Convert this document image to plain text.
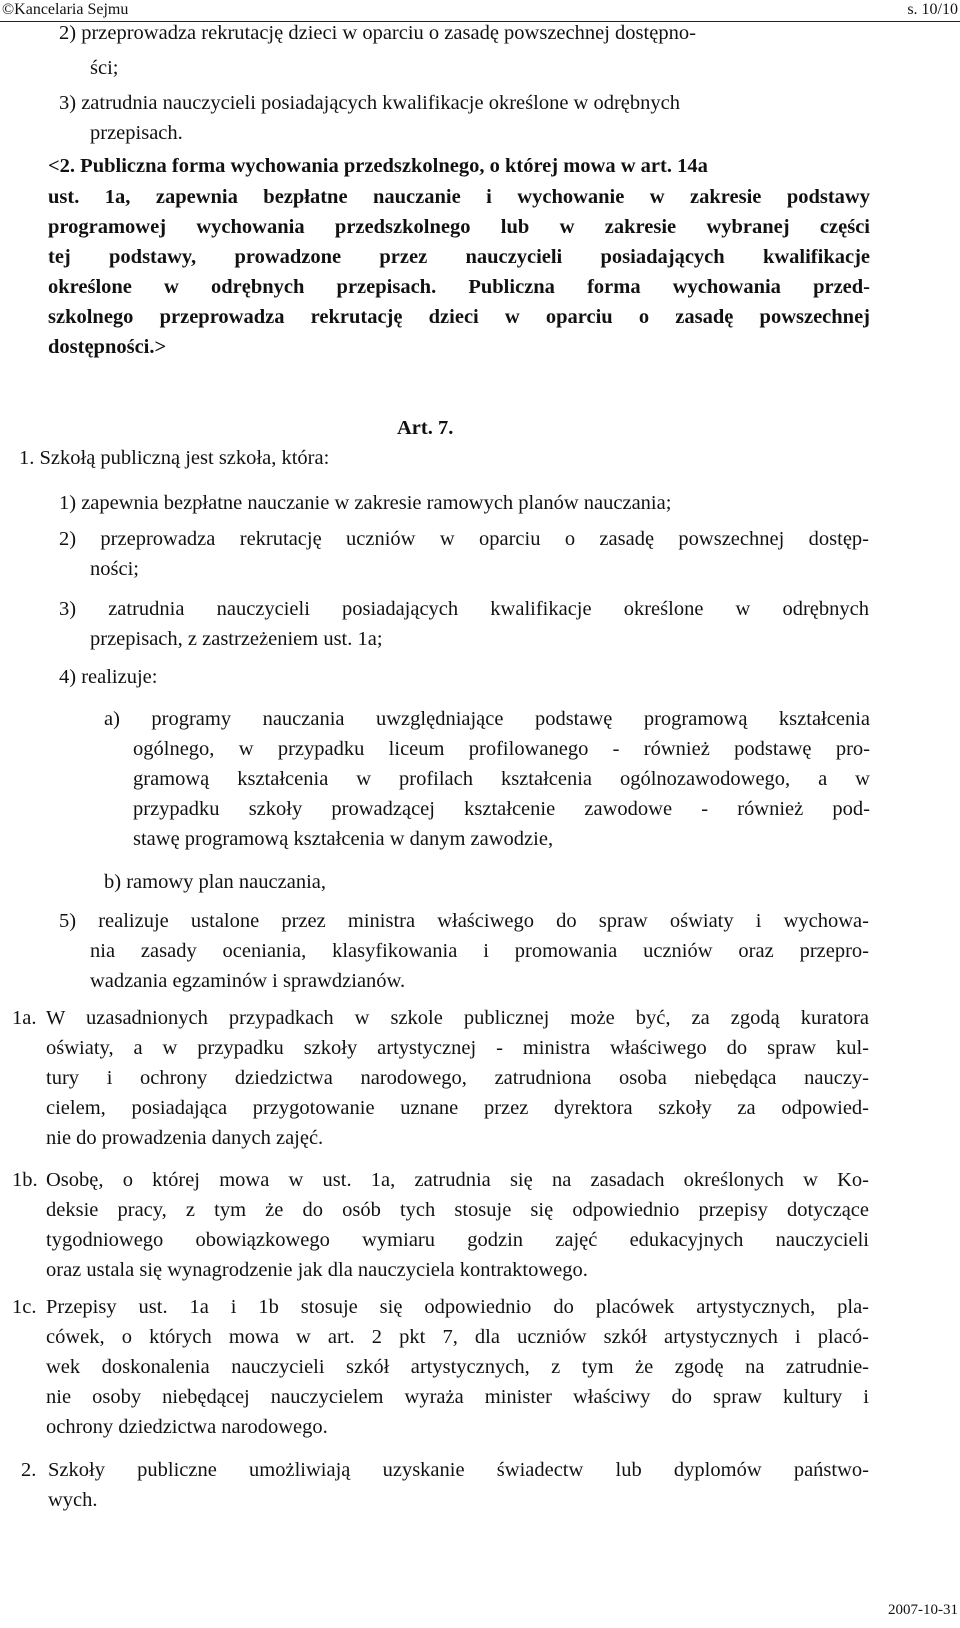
©Kancelaria Sejmu	s. 10/10
2) przeprowadza rekrutację dzieci w oparciu o zasadę powszechnej dostępno-
ści;
3) zatrudnia nauczycieli posiadających kwalifikacje określone w odrębnych
przepisach.
<2. Publiczna forma wychowania przedszkolnego, o której mowa w art. 14a
ust. 1a, zapewnia bezpłatne nauczanie i wychowanie w zakresie podstawy
programowej wychowania przedszkolnego lub w zakresie wybranej części
tej podstawy, prowadzone przez nauczycieli posiadających kwalifikacje
określone w odrębnych przepisach. Publiczna forma wychowania przed-
szkolnego przeprowadza rekrutację dzieci w oparciu o zasadę powszechnej
dostępności.>
Art. 7.
1. Szkołą publiczną jest szkoła, która:
1) zapewnia bezpłatne nauczanie w zakresie ramowych planów nauczania;
2) przeprowadza rekrutację uczniów w oparciu o zasadę powszechnej dostęp-
ności;
3) zatrudnia nauczycieli posiadających kwalifikacje określone w odrębnych
przepisach, z zastrzeżeniem ust. 1a;
4) realizuje:
a) programy nauczania uwzględniające podstawę programową kształcenia
ogólnego, w przypadku liceum profilowanego - również podstawę pro-
gramową kształcenia w profilach kształcenia ogólnozawodowego, a w
przypadku szkoły prowadzącej kształcenie zawodowe - również pod-
stawę programową kształcenia w danym zawodzie,
b) ramowy plan nauczania,
5) realizuje ustalone przez ministra właściwego do spraw oświaty i wychowa-
nia zasady oceniania, klasyfikowania i promowania uczniów oraz przepro-
wadzania egzaminów i sprawdzianów.
1a. W uzasadnionych przypadkach w szkole publicznej może być, za zgodą kuratora
oświaty, a w przypadku szkoły artystycznej - ministra właściwego do spraw kul-
tury i ochrony dziedzictwa narodowego, zatrudniona osoba niebędąca nauczy-
cielem, posiadająca przygotowanie uznane przez dyrektora szkoły za odpowied-
nie do prowadzenia danych zajęć.
1b. Osobę, o której mowa w ust. 1a, zatrudnia się na zasadach określonych w Ko-
deksie pracy, z tym że do osób tych stosuje się odpowiednio przepisy dotyczące
tygodniowego obowiązkowego wymiaru godzin zajęć edukacyjnych nauczycieli
oraz ustala się wynagrodzenie jak dla nauczyciela kontraktowego.
1c. Przepisy ust. 1a i 1b stosuje się odpowiednio do placówek artystycznych, pla-
cówek, o których mowa w art. 2 pkt 7, dla uczniów szkół artystycznych i placó-
wek doskonalenia nauczycieli szkół artystycznych, z tym że zgodę na zatrudnie-
nie osoby niebędącej nauczycielem wyraża minister właściwy do spraw kultury i
ochrony dziedzictwa narodowego.
2. Szkoły publiczne umożliwiają uzyskanie świadectw lub dyplomów państwo-
wych.
2007-10-31
